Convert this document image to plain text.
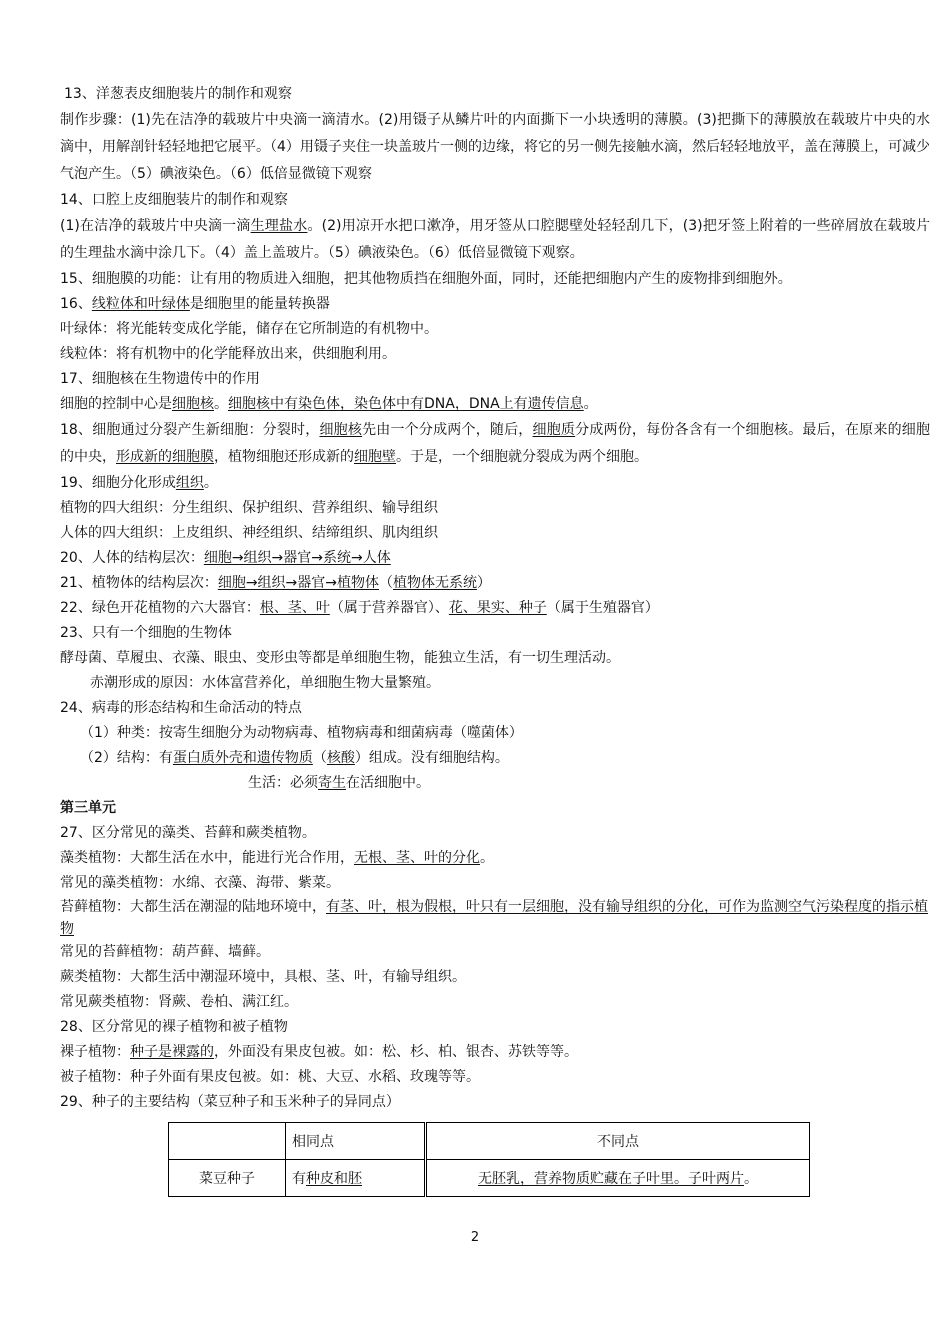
13、洋葱表皮细胞装片的制作和观察
制作步骤：(1)先在洁净的载玻片中央滴一滴清水。(2)用镊子从鳞片叶的内面撕下一小块透明的薄膜。(3)把撕下的薄膜放在载玻片中央的水滴中，用解剖针轻轻地把它展平。（4）用镊子夹住一块盖玻片一侧的边缘，将它的另一侧先接触水滴，然后轻轻地放平，盖在薄膜上，可减少气泡产生。（5）碘液染色。（6）低倍显微镜下观察
14、口腔上皮细胞装片的制作和观察
(1)在洁净的载玻片中央滴一滴生理盐水。(2)用凉开水把口漱净，用牙签从口腔腮壁处轻轻刮几下，(3)把牙签上附着的一些碎屑放在载玻片的生理盐水滴中涂几下。（4）盖上盖玻片。（5）碘液染色。（6）低倍显微镜下观察。
15、细胞膜的功能：让有用的物质进入细胞，把其他物质挡在细胞外面，同时，还能把细胞内产生的废物排到细胞外。
16、线粒体和叶绿体是细胞里的能量转换器
叶绿体：将光能转变成化学能，储存在它所制造的有机物中。
线粒体：将有机物中的化学能释放出来，供细胞利用。
17、细胞核在生物遗传中的作用
细胞的控制中心是细胞核。细胞核中有染色体，染色体中有DNA，DNA上有遗传信息。
18、细胞通过分裂产生新细胞：分裂时，细胞核先由一个分成两个，随后，细胞质分成两份，每份各含有一个细胞核。最后，在原来的细胞的中央，形成新的细胞膜，植物细胞还形成新的细胞壁。于是，一个细胞就分裂成为两个细胞。
19、细胞分化形成组织。
植物的四大组织：分生组织、保护组织、营养组织、输导组织
人体的四大组织：上皮组织、神经组织、结缔组织、肌肉组织
20、人体的结构层次：细胞→组织→器官→系统→人体
21、植物体的结构层次：细胞→组织→器官→植物体（植物体无系统）
22、绿色开花植物的六大器官：根、茎、叶（属于营养器官）、花、果实、种子（属于生殖器官）
23、只有一个细胞的生物体
酵母菌、草履虫、衣藻、眼虫、变形虫等都是单细胞生物，能独立生活，有一切生理活动。
赤潮形成的原因：水体富营养化，单细胞生物大量繁殖。
24、病毒的形态结构和生命活动的特点
（1）种类：按寄生细胞分为动物病毒、植物病毒和细菌病毒（噬菌体）
（2）结构：有蛋白质外壳和遗传物质（核酸）组成。没有细胞结构。
生活：必须寄生在活细胞中。
第三单元
27、区分常见的藻类、苔藓和蕨类植物。
藻类植物：大都生活在水中，能进行光合作用，无根、茎、叶的分化。
常见的藻类植物：水绵、衣藻、海带、紫菜。
苔藓植物：大都生活在潮湿的陆地环境中，有茎、叶，根为假根，叶只有一层细胞，没有输导组织的分化，可作为监测空气污染程度的指示植物
常见的苔藓植物：葫芦藓、墙藓。
蕨类植物：大都生活中潮湿环境中，具根、茎、叶，有输导组织。
常见蕨类植物：肾蕨、卷柏、满江红。
28、区分常见的裸子植物和被子植物
裸子植物：种子是裸露的，外面没有果皮包被。如：松、杉、柏、银杏、苏铁等等。
被子植物：种子外面有果皮包被。如：桃、大豆、水稻、玫瑰等等。
29、种子的主要结构（菜豆种子和玉米种子的异同点）
	相同点	不同点
菜豆种子	有种皮和胚	无胚乳，营养物质贮藏在子叶里。子叶两片。
2
